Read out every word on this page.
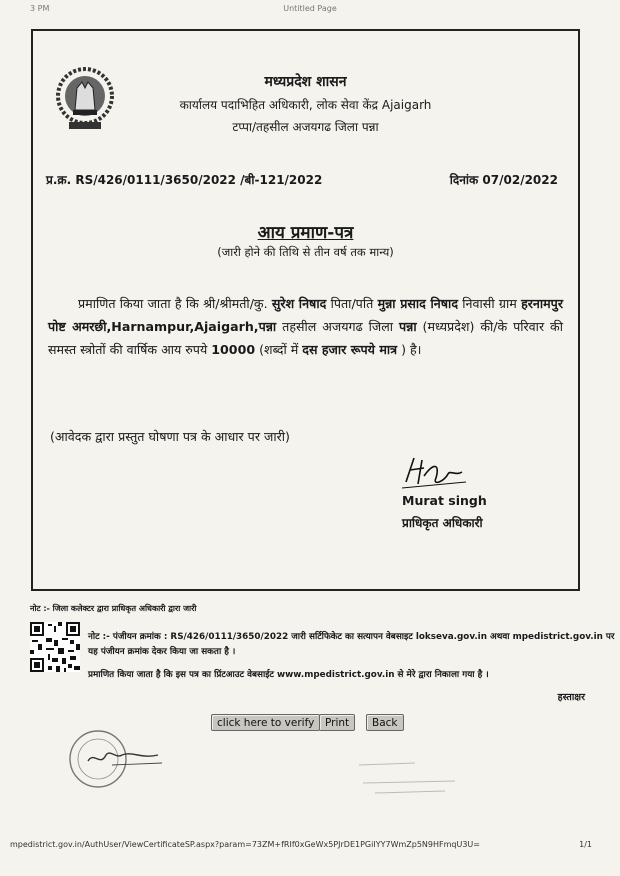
3 PM	Untitled Page
मध्यप्रदेश शासन
कार्यालय पदाभिहित अधिकारी, लोक सेवा केंद्र Ajaigarh
टप्पा/तहसील अजयगढ जिला पन्ना
प्र.क्र. RS/426/0111/3650/2022 /बी-121/2022	दिनांक 07/02/2022
आय प्रमाण-पत्र
(जारी होने की तिथि से तीन वर्ष तक मान्य)

प्रमाणित किया जाता है कि श्री/श्रीमती/कु. सुरेश निषाद पिता/पति मुन्ना प्रसाद निषाद निवासी ग्राम हरनामपुर पोष्ट अमरछी,Harnampur,Ajaigarh,पन्ना तहसील अजयगढ जिला पन्ना (मध्यप्रदेश) की/के परिवार की समस्त स्त्रोतों की वार्षिक आय रुपये 10000 (शब्दों में दस हजार रूपये मात्र ) है।

(आवेदक द्वारा प्रस्तुत घोषणा पत्र के आधार पर जारी)
Murat singh
प्राधिकृत अधिकारी
नोट :- जिला कलेक्टर द्वारा प्राधिकृत अधिकारी द्वारा जारी
नोट :- पंजीयन क्रमांक : RS/426/0111/3650/2022 जारी सर्टिफिकेट का सत्यापन वेबसाइट lokseva.gov.in अथवा mpedistrict.gov.in पर
यह पंजीयन क्रमांक देकर किया जा सकता है ।
प्रमाणित किया जाता है कि इस पत्र का प्रिंटआउट वेबसाईट www.mpedistrict.gov.in से मेरे द्वारा निकाला गया है ।
हस्ताक्षर
click here to verify	Print	Back
mpedistrict.gov.in/AuthUser/ViewCertificateSP.aspx?param=73ZM+fRIf0xGeWx5PJrDE1PGiIYY7WmZp5N9HFmqU3U=	1/1
